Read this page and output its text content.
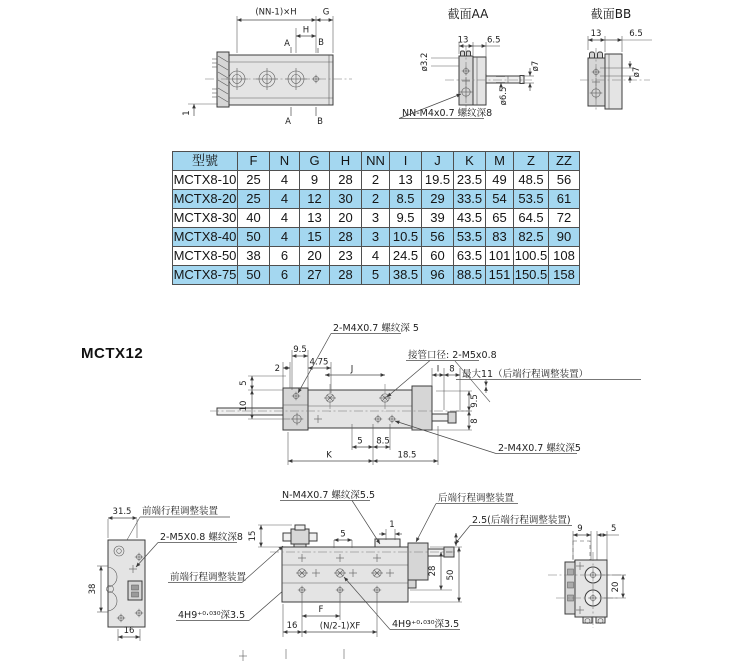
(NN-1)×H	G
H
A	B
A	B
1
截面AA
13 6.5
ø3.2	ø7
ø6.5
NN-M4x0.7 螺纹深8
截面BB
13	6.5
ø7
2-M4X0.7 螺纹深 5
接管口径: 2-M5x0.8
最大11（后端行程调整装置）
9.5
2
4.75
J	I 8
5
10
5 8.5
K	18.5
9.5
8
2-M4X0.7 螺纹深5
31.5 前端行程调整装置
38
16
2-M5X0.8 螺纹深8
前端行程调整装置
4H9⁺⁰·⁰³⁰深3.5
N-M4X0.7 螺纹深5.5	后端行程调整装置
2.5(后端行程调整装置)
15	5
1
28 50
F
16	(N/2-1)XF	4H9⁺⁰·⁰³⁰深3.5
9	5
20
型號	F	N	G	H	NN	I	J	K	M	Z	ZZ
MCTX8-10	25	4	9	28	2	13	19.5	23.5	49	48.5	56
MCTX8-20	25	4	12	30	2	8.5	29	33.5	54	53.5	61
MCTX8-30	40	4	13	20	3	9.5	39	43.5	65	64.5	72
MCTX8-40	50	4	15	28	3	10.5	56	53.5	83	82.5	90
MCTX8-50	38	6	20	23	4	24.5	60	63.5	101	100.5	108
MCTX8-75	50	6	27	28	5	38.5	96	88.5	151	150.5	158
MCTX12
